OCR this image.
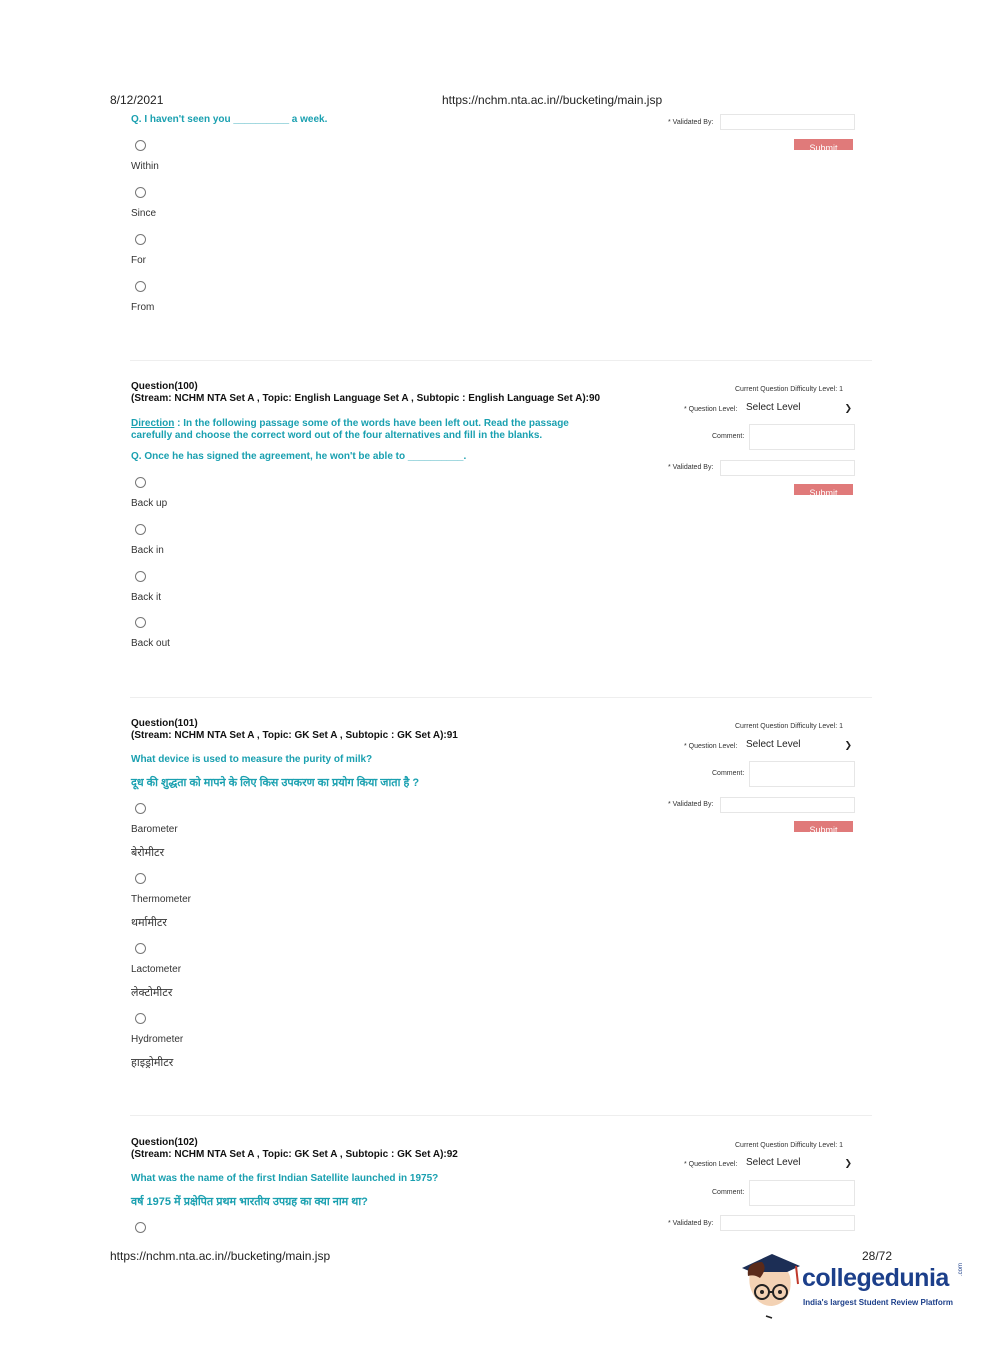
8/12/2021	https://nchm.nta.ac.in//bucketing/main.jsp
Q. I haven't seen you __________ a week.
Within
Since
For
From
* Validated By:
Submit
Question(100)
(Stream: NCHM NTA Set A , Topic: English Language Set A , Subtopic : English Language Set A):90
Direction : In the following passage some of the words have been left out. Read the passage carefully and choose the correct word out of the four alternatives and fill in the blanks.
Q. Once he has signed the agreement, he won't be able to __________.
Back up
Back in
Back it
Back out
Current Question Difficulty Level: 1
* Question Level: Select Level	❯
Comment:
* Validated By:
Submit
Question(101)
(Stream: NCHM NTA Set A , Topic: GK Set A , Subtopic : GK Set A):91
What device is used to measure the purity of milk?
दूध की शुद्धता को मापने के लिए किस उपकरण का प्रयोग किया जाता है ?
Barometer
बेरोमीटर
Thermometer
थर्मामीटर
Lactometer
लेक्टोमीटर
Hydrometer
हाइड्रोमीटर
Current Question Difficulty Level: 1
* Question Level: Select Level	❯
Comment:
* Validated By:
Submit
Question(102)
(Stream: NCHM NTA Set A , Topic: GK Set A , Subtopic : GK Set A):92
What was the name of the first Indian Satellite launched in 1975?
वर्ष 1975 में प्रक्षेपित प्रथम भारतीय उपग्रह का क्या नाम था?
Current Question Difficulty Level: 1
* Question Level: Select Level	❯
Comment:
* Validated By:
https://nchm.nta.ac.in//bucketing/main.jsp	28/72
collegedunia .com
India's largest Student Review Platform
